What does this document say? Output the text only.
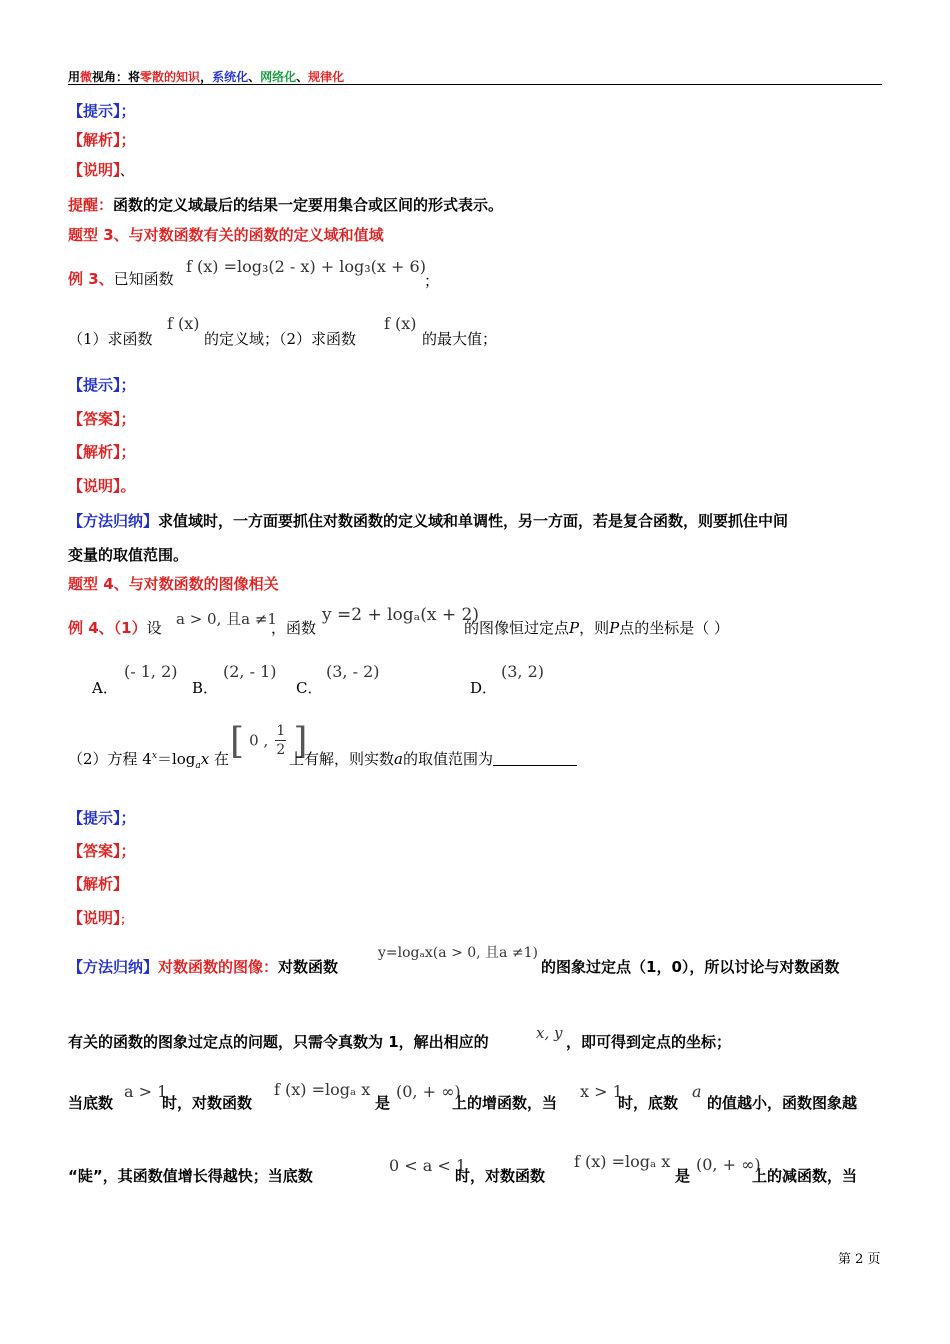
用微视角：将零散的知识，系统化、网络化、规律化
【提示】；
【解析】；
【说明】、
提醒：函数的定义域最后的结果一定要用集合或区间的形式表示。
题型 3、与对数函数有关的函数的定义域和值域
例 3、已知函数
f (x) =log₃(2 - x) + log₃(x + 6)
；
（1）求函数
f (x)
的定义域；（2）求函数
f (x)
的最大值；
【提示】；
【答案】；
【解析】；
【说明】。
【方法归纳】求值域时，一方面要抓住对数函数的定义域和单调性，另一方面，若是复合函数，则要抓住中间
变量的取值范围。
题型 4、与对数函数的图像相关
例 4、（1）设 a > 0, 且a ≠1
，函数
y =2 + logₐ(x + 2)
的图像恒过定点P，则P点的坐标是（ ）
A．
(- 1, 2)
B．
(2, - 1)
C．
(3, - 2)
D．
(3, 2)
（2）方程 $4^x=\log_ax$ 在 [ 0 , $\frac{1}{2}$ ]
上有解，则实数a的取值范围为
【提示】；
【答案】；
【解析】
【说明】；
【方法归纳】对数函数的图像：对数函数
y=logₐx(a > 0, 且a ≠1)
的图象过定点（1，0），所以讨论与对数函数
有关的函数的图象过定点的问题，只需令真数为 1，解出相应的	x, y ，即可得到定点的坐标；
当底数
a > 1
时，对数函数
f (x) =logₐ x
是
(0, + ∞)
上的增函数，当
x > 1
时，底数
a
的值越小，函数图象越
“陡”，其函数值增长得越快；当底数
0 < a < 1
时，对数函数
f (x) =logₐ x
是
(0, + ∞)
上的减函数，当
第 2 页
